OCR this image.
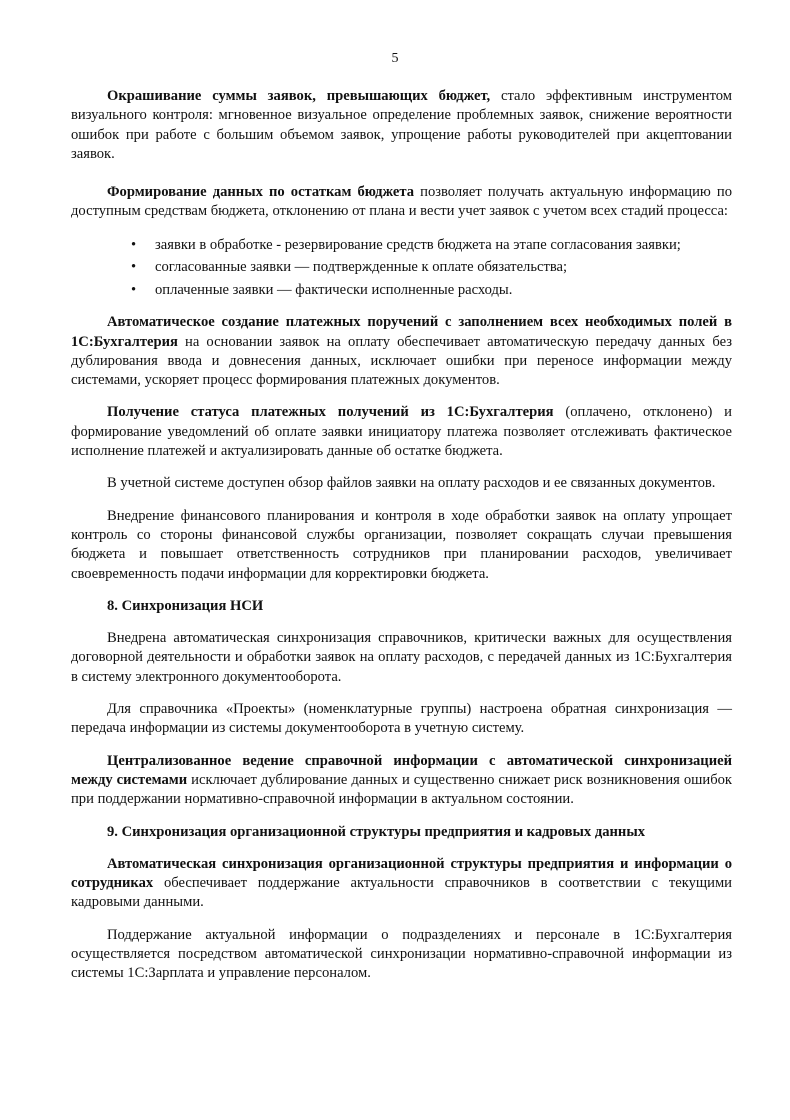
5

Окрашивание суммы заявок, превышающих бюджет, стало эффективным инструментом визуального контроля: мгновенное визуальное определение проблемных заявок, снижение вероятности ошибок при работе с большим объемом заявок, упрощение работы руководителей при акцептовании заявок.

Формирование данных по остаткам бюджета позволяет получать актуальную информацию по доступным средствам бюджета, отклонению от плана и вести учет заявок с учетом всех стадий процесса:

• заявки в обработке - резервирование средств бюджета на этапе согласования заявки;
• согласованные заявки — подтвержденные к оплате обязательства;
• оплаченные заявки — фактически исполненные расходы.

Автоматическое создание платежных поручений с заполнением всех необходимых полей в 1С:Бухгалтерия на основании заявок на оплату обеспечивает автоматическую передачу данных без дублирования ввода и довнесения данных, исключает ошибки при переносе информации между системами, ускоряет процесс формирования платежных документов.

Получение статуса платежных получений из 1С:Бухгалтерия (оплачено, отклонено) и формирование уведомлений об оплате заявки инициатору платежа позволяет отслеживать фактическое исполнение платежей и актуализировать данные об остатке бюджета.

В учетной системе доступен обзор файлов заявки на оплату расходов и ее связанных документов.

Внедрение финансового планирования и контроля в ходе обработки заявок на оплату упрощает контроль со стороны финансовой службы организации, позволяет сокращать случаи превышения бюджета и повышает ответственность сотрудников при планировании расходов, увеличивает своевременность подачи информации для корректировки бюджета.

8. Синхронизация НСИ

Внедрена автоматическая синхронизация справочников, критически важных для осуществления договорной деятельности и обработки заявок на оплату расходов, с передачей данных из 1С:Бухгалтерия в систему электронного документооборота.

Для справочника «Проекты» (номенклатурные группы) настроена обратная синхронизация — передача информации из системы документооборота в учетную систему.

Централизованное ведение справочной информации с автоматической синхронизацией между системами исключает дублирование данных и существенно снижает риск возникновения ошибок при поддержании нормативно-справочной информации в актуальном состоянии.

9. Синхронизация организационной структуры предприятия и кадровых данных

Автоматическая синхронизация организационной структуры предприятия и информации о сотрудниках обеспечивает поддержание актуальности справочников в соответствии с текущими кадровыми данными.

Поддержание актуальной информации о подразделениях и персонале в 1С:Бухгалтерия осуществляется посредством автоматической синхронизации нормативно-справочной информации из системы 1С:Зарплата и управление персоналом.
